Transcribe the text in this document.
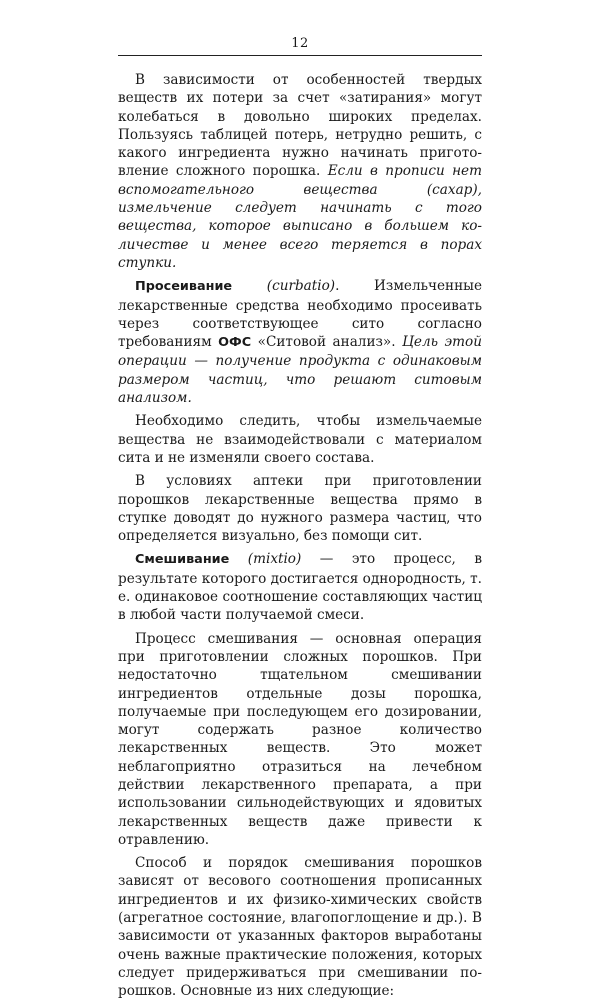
12

В зависимости от особенностей твердых веществ их потери за счет «затирания» могут колебаться в довольно широких пределах. Пользуясь таблицей потерь, нетрудно решить, с какого ингредиента нужно начинать приготовление сложного порошка. Если в прописи нет вспомогательного вещества (сахар), измельчение следует начинать с того вещества, которое выписано в большем количестве и менее всего теряется в порах ступки.

Просеивание	(curbatio). Измельченные лекарственные средства необходимо просеивать через соответствующее сито согласно требованиям ОФС «Ситовой анализ». Цель этой операции — получение продукта с одинаковым размером частиц, что решают ситовым анализом.

Необходимо следить, чтобы измельчаемые вещества не взаимодействовали с материалом сита и не изменяли своего состава.

В условиях аптеки при приготовлении порошков лекарственные вещества прямо в ступке доводят до нужного размера частиц, что определяется визуально, без помощи сит.

Смешивание (mixtio) — это процесс, в результате которого достигается однородность, т. е. одинаковое соотношение составляющих частиц в любой части получаемой смеси.

Процесс смешивания — основная операция при приготовлении сложных порошков. При недостаточно тщательном смешивании ингредиентов отдельные дозы порошка, получаемые при последующем его дозировании, могут содержать разное количество лекарственных веществ. Это может неблагоприятно отразиться на лечебном действии лекарственного препарата, а при использовании сильнодействующих и ядовитых лекарственных веществ даже привести к отравлению.

Способ и порядок смешивания порошков зависят от весового соотношения прописанных ингредиентов и их физико-химических свойств (агрегатное состояние, влагопоглощение и др.). В зависимости от указанных факторов выработаны очень важные практические положения, которых следует придерживаться при смешивании порошков. Основные из них следующие:
